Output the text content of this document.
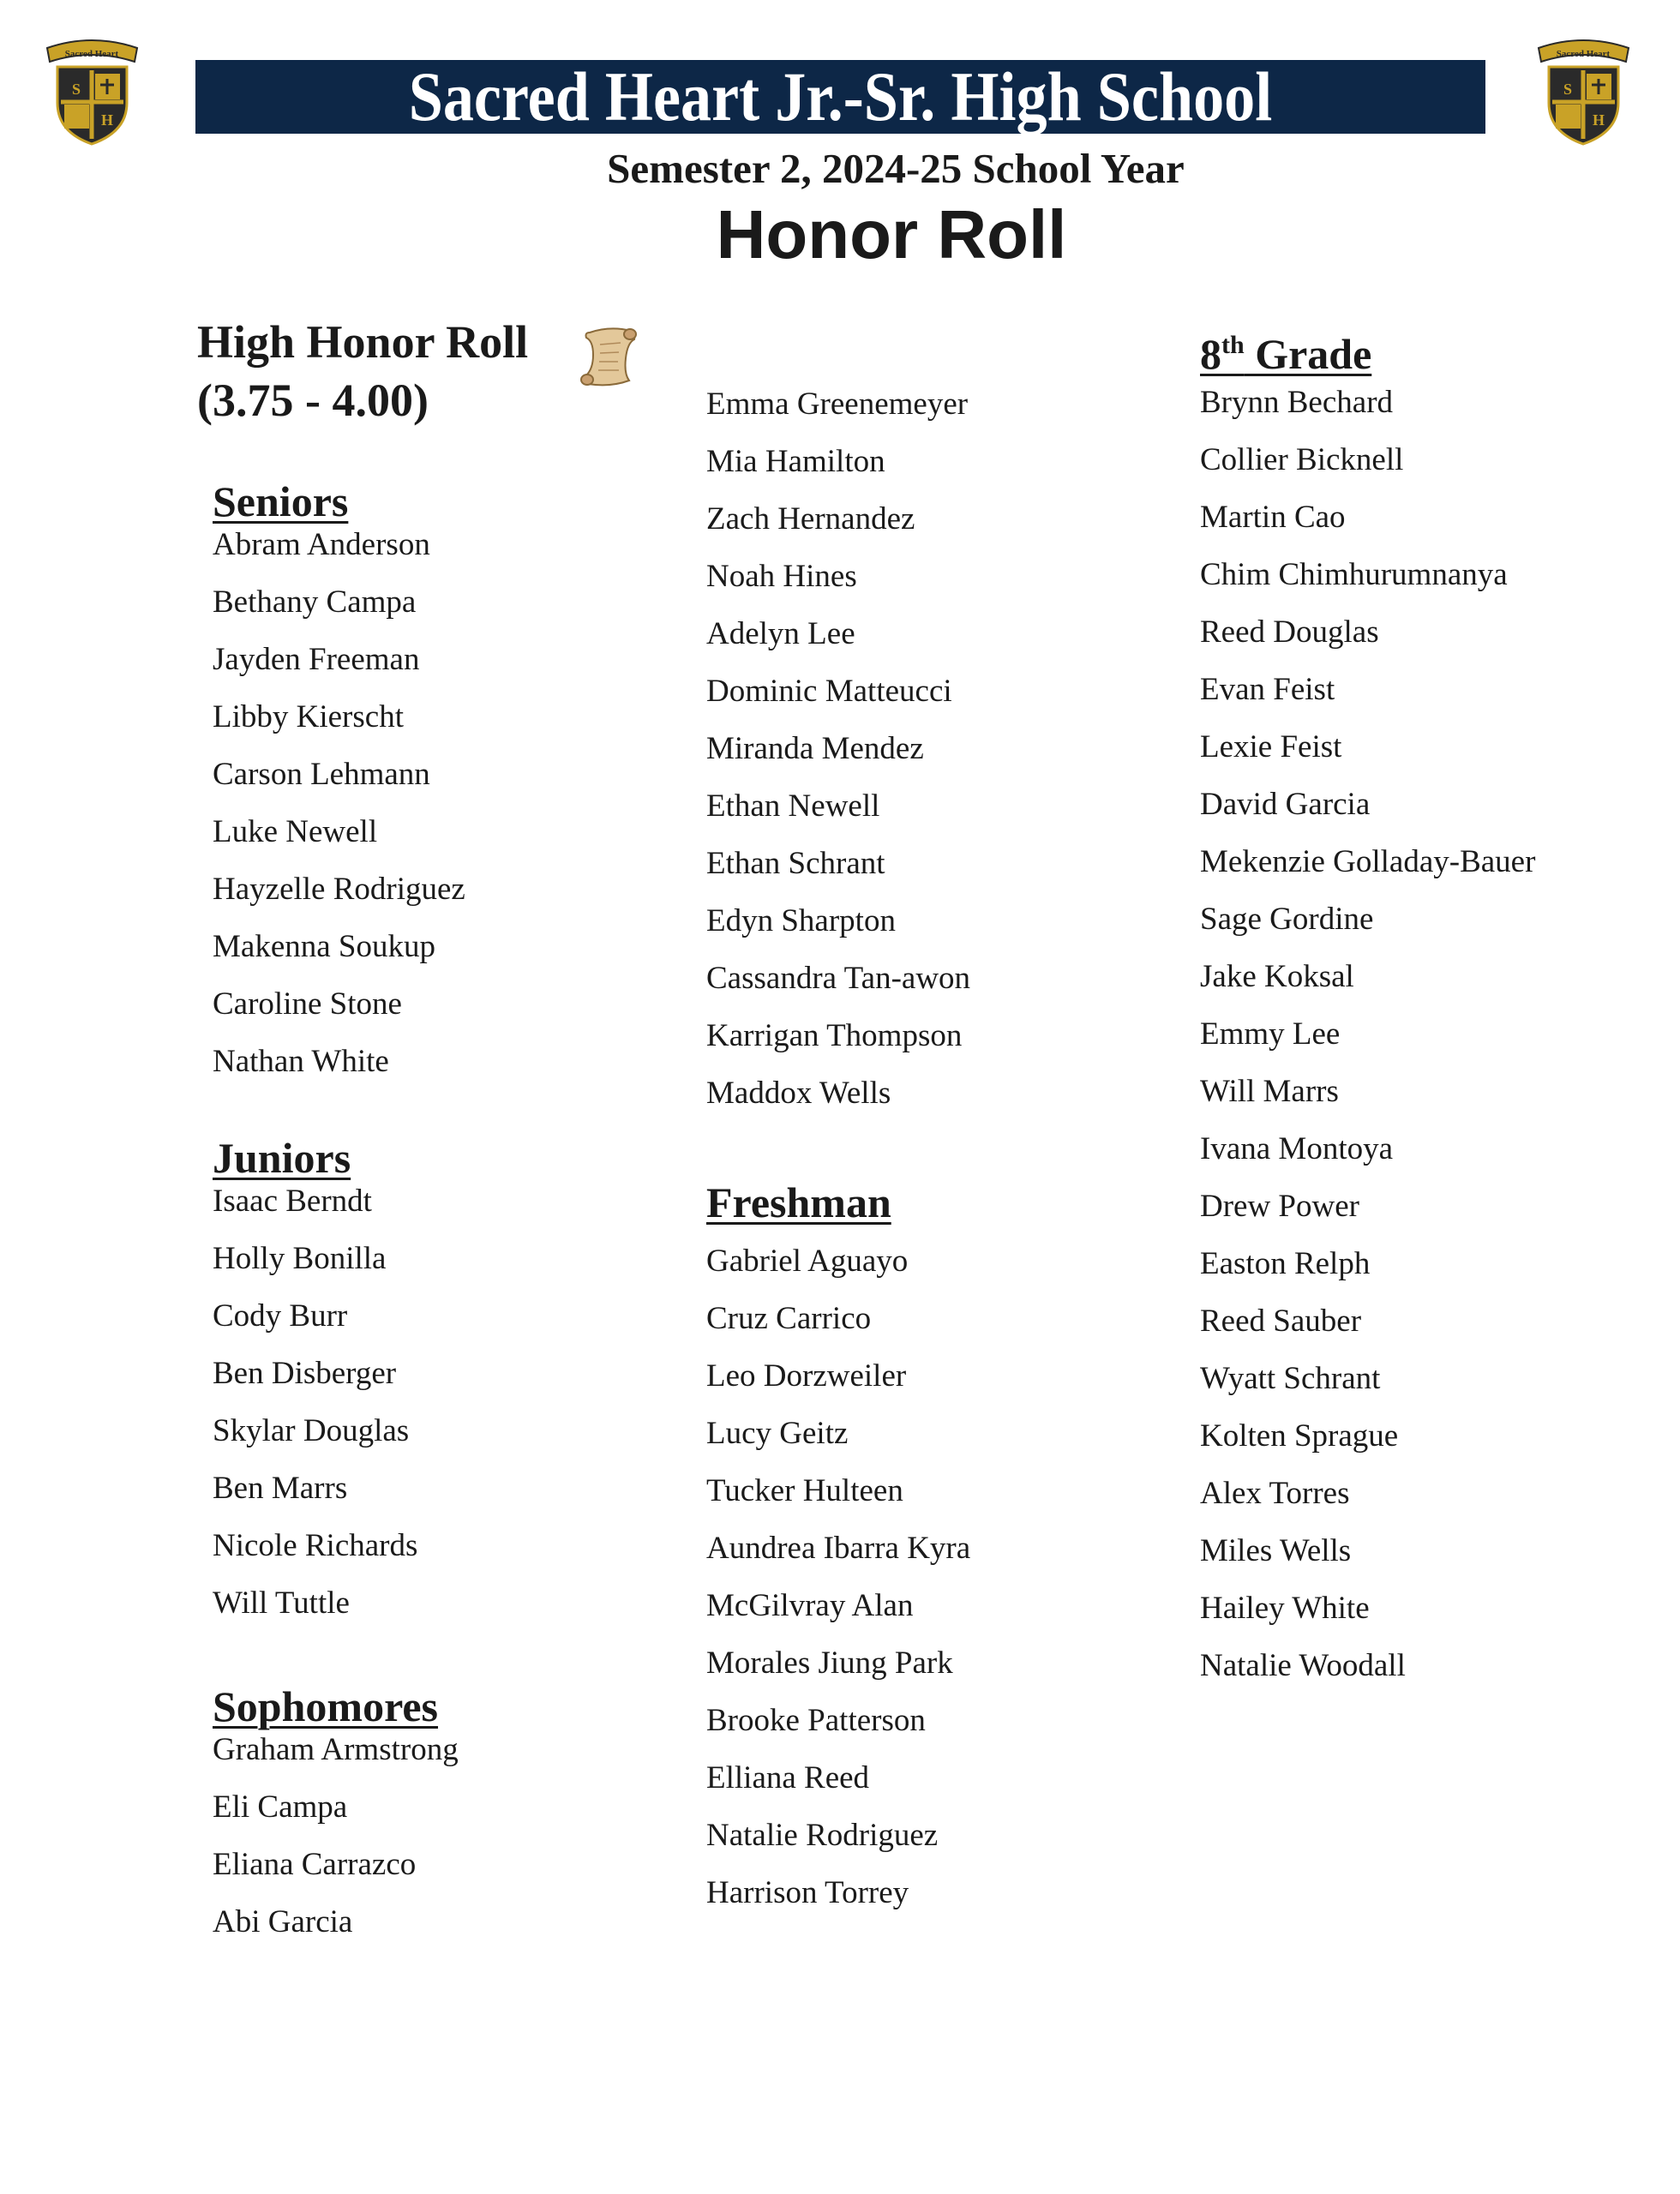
Sacred Heart
S
H
Sacred Heart
S
H
Sacred Heart Jr.-Sr. High School
Semester 2, 2024-25 School Year
Honor Roll
High Honor Roll
(3.75 - 4.00)
Seniors
Abram Anderson
Bethany Campa
Jayden Freeman
Libby Kierscht
Carson Lehmann
Luke Newell
Hayzelle Rodriguez
Makenna Soukup
Caroline Stone
Nathan White
Juniors
Isaac Berndt
Holly Bonilla
Cody Burr
Ben Disberger
Skylar Douglas
Ben Marrs
Nicole Richards
Will Tuttle
Sophomores
Graham Armstrong
Eli Campa
Eliana Carrazco
Abi Garcia
Emma Greenemeyer
Mia Hamilton
Zach Hernandez
Noah Hines
Adelyn Lee
Dominic Matteucci
Miranda Mendez
Ethan Newell
Ethan Schrant
Edyn Sharpton
Cassandra Tan-awon
Karrigan Thompson
Maddox Wells
Freshman
Gabriel Aguayo
Cruz Carrico
Leo Dorzweiler
Lucy Geitz
Tucker Hulteen
Aundrea Ibarra Kyra
McGilvray Alan
Morales Jiung Park
Brooke Patterson
Elliana Reed
Natalie Rodriguez
Harrison Torrey
8th Grade
Brynn Bechard
Collier Bicknell
Martin Cao
Chim Chimhurumnanya
Reed Douglas
Evan Feist
Lexie Feist
David Garcia
Mekenzie Golladay-Bauer
Sage Gordine
Jake Koksal
Emmy Lee
Will Marrs
Ivana Montoya
Drew Power
Easton Relph
Reed Sauber
Wyatt Schrant
Kolten Sprague
Alex Torres
Miles Wells
Hailey White
Natalie Woodall
